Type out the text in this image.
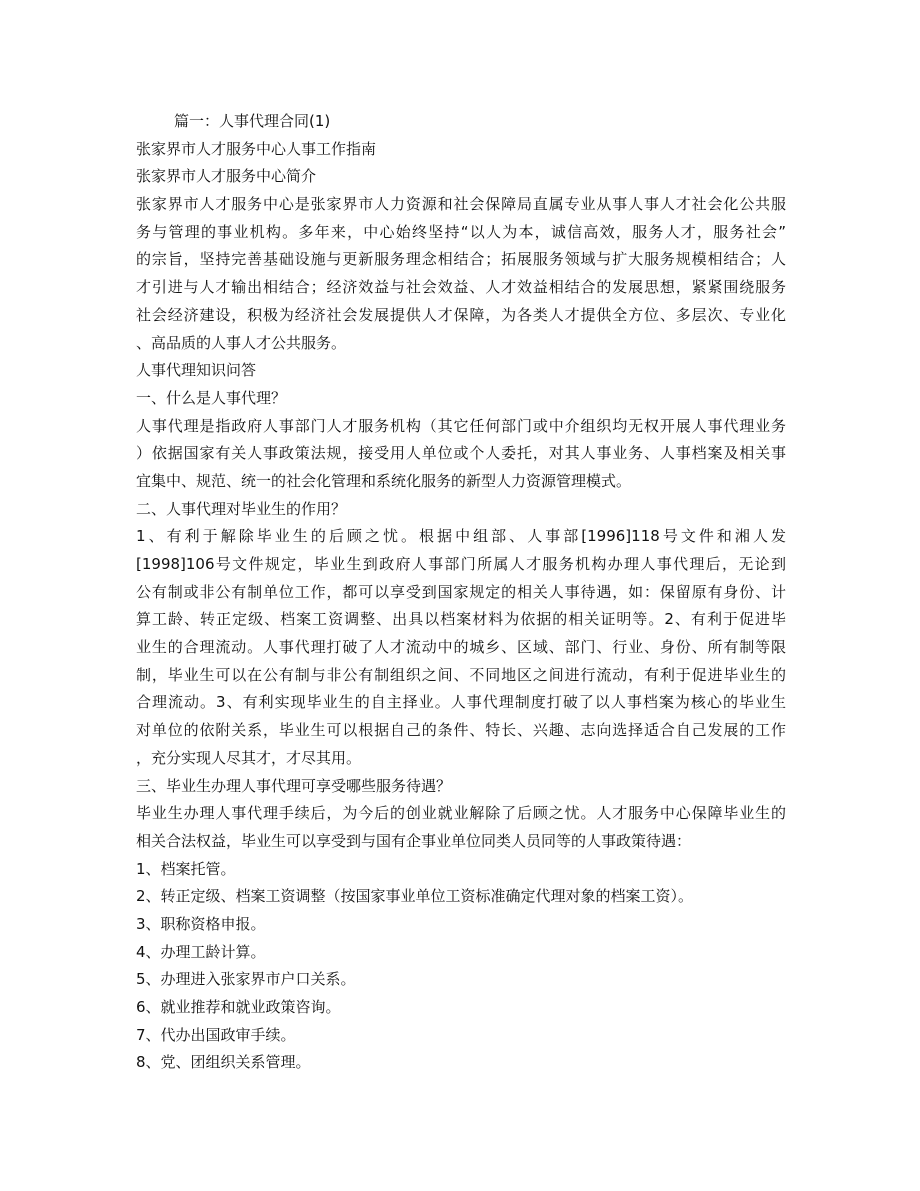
篇一：人事代理合同(1)
张家界市人才服务中心人事工作指南
张家界市人才服务中心简介
张家界市人才服务中心是张家界市人力资源和社会保障局直属专业从事人事人才社会化公共服
务与管理的事业机构。多年来，中心始终坚持“以人为本，诚信高效，服务人才，服务社会”
的宗旨，坚持完善基础设施与更新服务理念相结合；拓展服务领域与扩大服务规模相结合；人
才引进与人才输出相结合；经济效益与社会效益、人才效益相结合的发展思想，紧紧围绕服务
社会经济建设，积极为经济社会发展提供人才保障，为各类人才提供全方位、多层次、专业化
、高品质的人事人才公共服务。
人事代理知识问答
一、什么是人事代理？
人事代理是指政府人事部门人才服务机构（其它任何部门或中介组织均无权开展人事代理业务
）依据国家有关人事政策法规，接受用人单位或个人委托，对其人事业务、人事档案及相关事
宜集中、规范、统一的社会化管理和系统化服务的新型人力资源管理模式。
二、人事代理对毕业生的作用？
1、有利于解除毕业生的后顾之忧。根据中组部、人事部[1996]118号文件和湘人发
[1998]106号文件规定，毕业生到政府人事部门所属人才服务机构办理人事代理后，无论到
公有制或非公有制单位工作，都可以享受到国家规定的相关人事待遇，如：保留原有身份、计
算工龄、转正定级、档案工资调整、出具以档案材料为依据的相关证明等。2、有利于促进毕
业生的合理流动。人事代理打破了人才流动中的城乡、区域、部门、行业、身份、所有制等限
制，毕业生可以在公有制与非公有制组织之间、不同地区之间进行流动，有利于促进毕业生的
合理流动。3、有利实现毕业生的自主择业。人事代理制度打破了以人事档案为核心的毕业生
对单位的依附关系，毕业生可以根据自己的条件、特长、兴趣、志向选择适合自己发展的工作
，充分实现人尽其才，才尽其用。
三、毕业生办理人事代理可享受哪些服务待遇？
毕业生办理人事代理手续后，为今后的创业就业解除了后顾之忧。人才服务中心保障毕业生的
相关合法权益，毕业生可以享受到与国有企事业单位同类人员同等的人事政策待遇：
1、档案托管。
2、转正定级、档案工资调整（按国家事业单位工资标准确定代理对象的档案工资）。
3、职称资格申报。
4、办理工龄计算。
5、办理进入张家界市户口关系。
6、就业推荐和就业政策咨询。
7、代办出国政审手续。
8、党、团组织关系管理。
